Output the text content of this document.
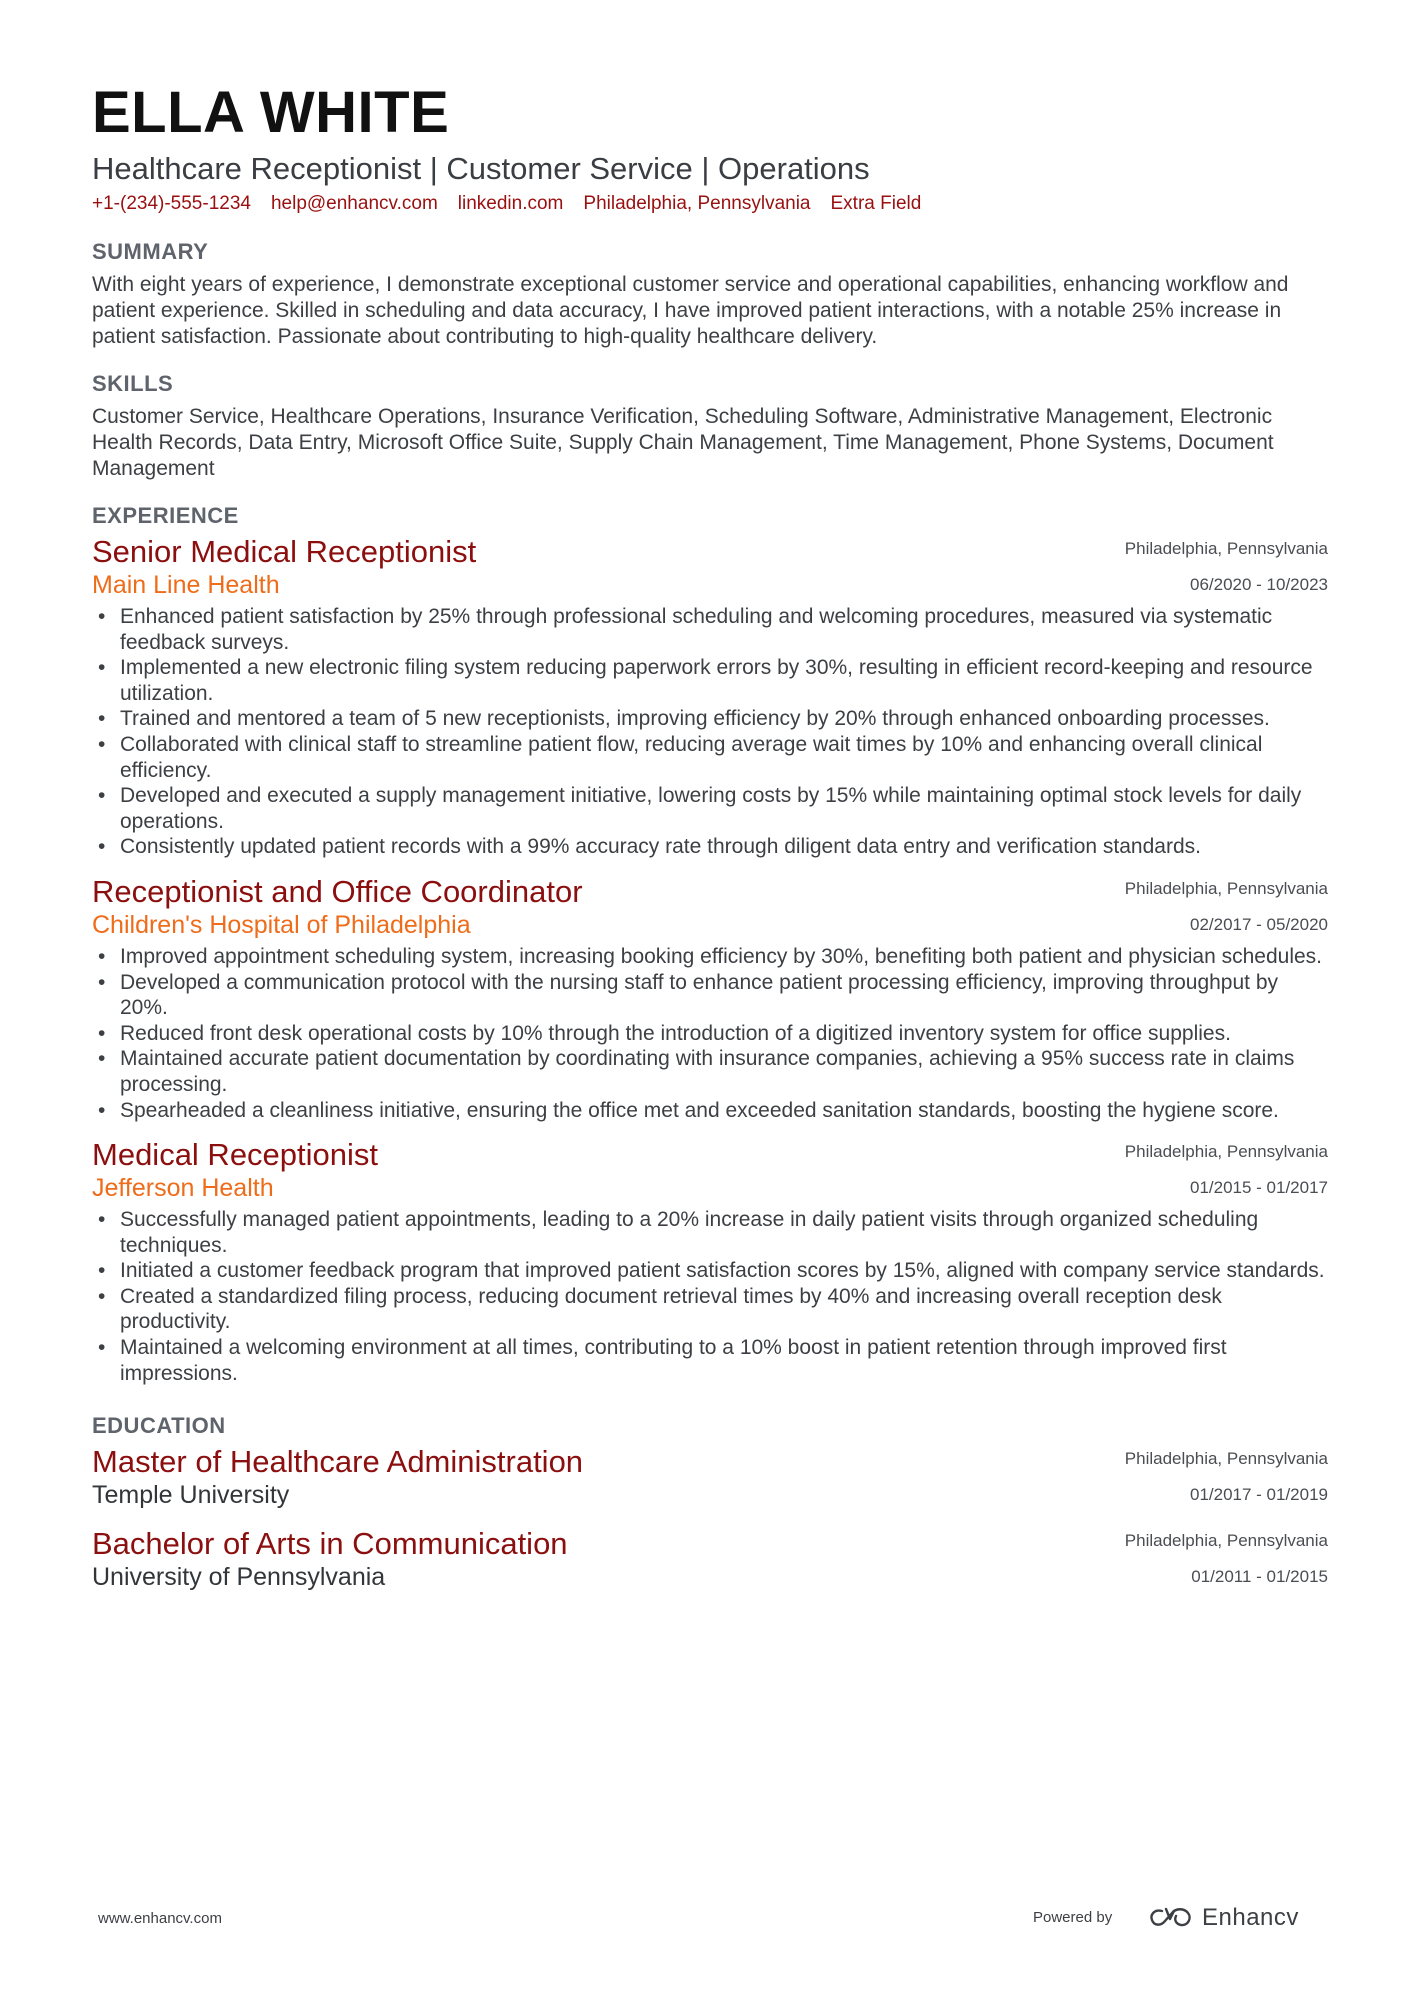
ELLA WHITE
Healthcare Receptionist | Customer Service | Operations
+1-(234)-555-1234 help@enhancv.com linkedin.com Philadelphia, Pennsylvania Extra Field
SUMMARY
With eight years of experience, I demonstrate exceptional customer service and operational capabilities, enhancing workflow and patient experience. Skilled in scheduling and data accuracy, I have improved patient interactions, with a notable 25% increase in patient satisfaction. Passionate about contributing to high-quality healthcare delivery.
SKILLS
Customer Service, Healthcare Operations, Insurance Verification, Scheduling Software, Administrative Management, Electronic Health Records, Data Entry, Microsoft Office Suite, Supply Chain Management, Time Management, Phone Systems, Document Management
EXPERIENCE
Senior Medical Receptionist
Main Line Health
Philadelphia, Pennsylvania
06/2020 - 10/2023
• Enhanced patient satisfaction by 25% through professional scheduling and welcoming procedures, measured via systematic feedback surveys.
• Implemented a new electronic filing system reducing paperwork errors by 30%, resulting in efficient record-keeping and resource utilization.
• Trained and mentored a team of 5 new receptionists, improving efficiency by 20% through enhanced onboarding processes.
• Collaborated with clinical staff to streamline patient flow, reducing average wait times by 10% and enhancing overall clinical efficiency.
• Developed and executed a supply management initiative, lowering costs by 15% while maintaining optimal stock levels for daily operations.
• Consistently updated patient records with a 99% accuracy rate through diligent data entry and verification standards.
Receptionist and Office Coordinator
Children's Hospital of Philadelphia
Philadelphia, Pennsylvania
02/2017 - 05/2020
• Improved appointment scheduling system, increasing booking efficiency by 30%, benefiting both patient and physician schedules.
• Developed a communication protocol with the nursing staff to enhance patient processing efficiency, improving throughput by 20%.
• Reduced front desk operational costs by 10% through the introduction of a digitized inventory system for office supplies.
• Maintained accurate patient documentation by coordinating with insurance companies, achieving a 95% success rate in claims processing.
• Spearheaded a cleanliness initiative, ensuring the office met and exceeded sanitation standards, boosting the hygiene score.
Medical Receptionist
Jefferson Health
Philadelphia, Pennsylvania
01/2015 - 01/2017
• Successfully managed patient appointments, leading to a 20% increase in daily patient visits through organized scheduling techniques.
• Initiated a customer feedback program that improved patient satisfaction scores by 15%, aligned with company service standards.
• Created a standardized filing process, reducing document retrieval times by 40% and increasing overall reception desk productivity.
• Maintained a welcoming environment at all times, contributing to a 10% boost in patient retention through improved first impressions.
EDUCATION
Master of Healthcare Administration
Temple University
Philadelphia, Pennsylvania
01/2017 - 01/2019
Bachelor of Arts in Communication
University of Pennsylvania
Philadelphia, Pennsylvania
01/2011 - 01/2015
www.enhancv.com	Powered by	Enhancv
